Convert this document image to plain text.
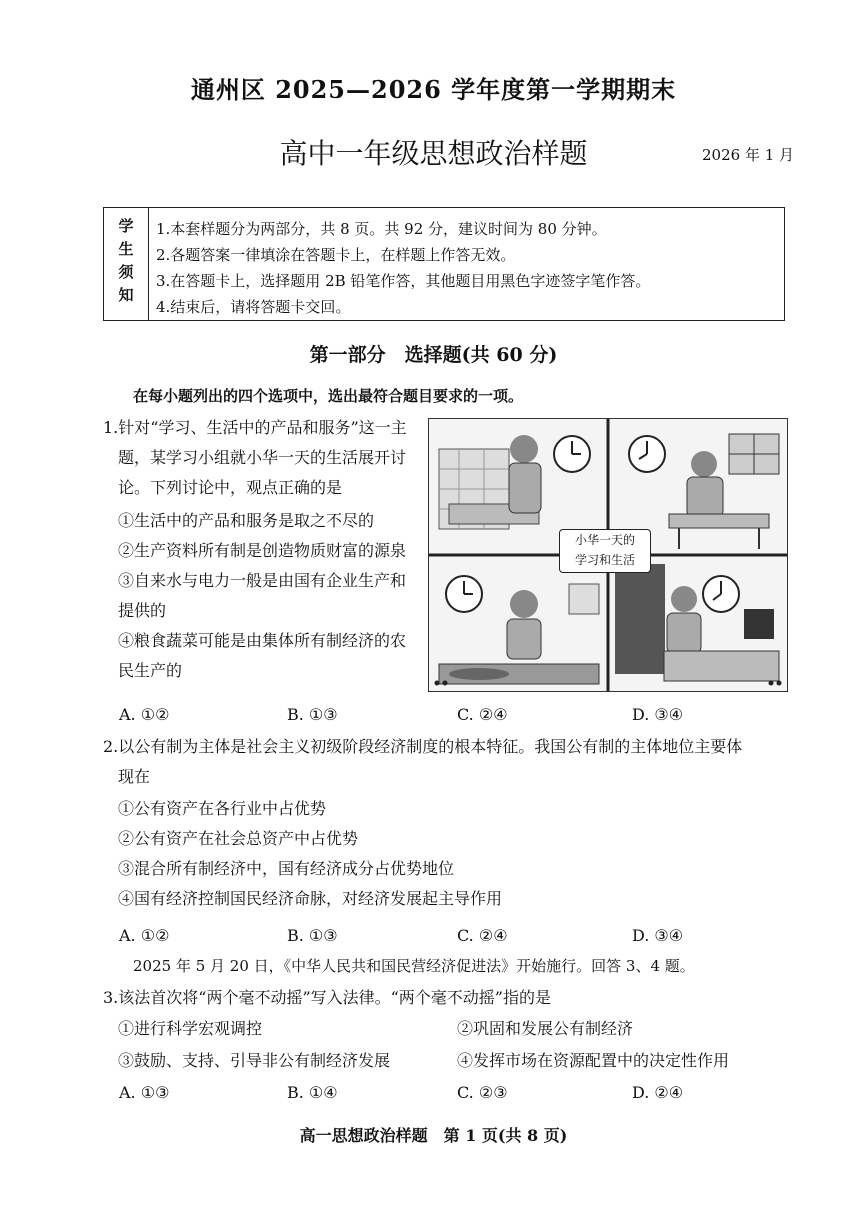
通州区 2025—2026 学年度第一学期期末
高中一年级思想政治样题	2026 年 1 月
学生须知	1.本套样题分为两部分，共 8 页。共 92 分，建议时间为 80 分钟。
2.各题答案一律填涂在答题卡上，在样题上作答无效。
3.在答题卡上，选择题用 2B 铅笔作答，其他题目用黑色字迹签字笔作答。
4.结束后，请将答题卡交回。
第一部分　选择题(共 60 分)
在每小题列出的四个选项中，选出最符合题目要求的一项。
1.针对“学习、生活中的产品和服务”这一主
题，某学习小组就小华一天的生活展开讨
论。下列讨论中，观点正确的是
①生活中的产品和服务是取之不尽的
②生产资料所有制是创造物质财富的源泉
③自来水与电力一般是由国有企业生产和
提供的
④粮食蔬菜可能是由集体所有制经济的农
民生产的
小华一天的
学习和生活
A. ①②	B. ①③	C. ②④	D. ③④
2.以公有制为主体是社会主义初级阶段经济制度的根本特征。我国公有制的主体地位主要体
现在
①公有资产在各行业中占优势
②公有资产在社会总资产中占优势
③混合所有制经济中，国有经济成分占优势地位
④国有经济控制国民经济命脉，对经济发展起主导作用
A. ①②	B. ①③	C. ②④	D. ③④
2025 年 5 月 20 日，《中华人民共和国民营经济促进法》开始施行。回答 3、4 题。
3.该法首次将“两个毫不动摇”写入法律。“两个毫不动摇”指的是
①进行科学宏观调控	②巩固和发展公有制经济
③鼓励、支持、引导非公有制经济发展	④发挥市场在资源配置中的决定性作用
A. ①③	B. ①④	C. ②③	D. ②④
高一思想政治样题　第 1 页(共 8 页)
